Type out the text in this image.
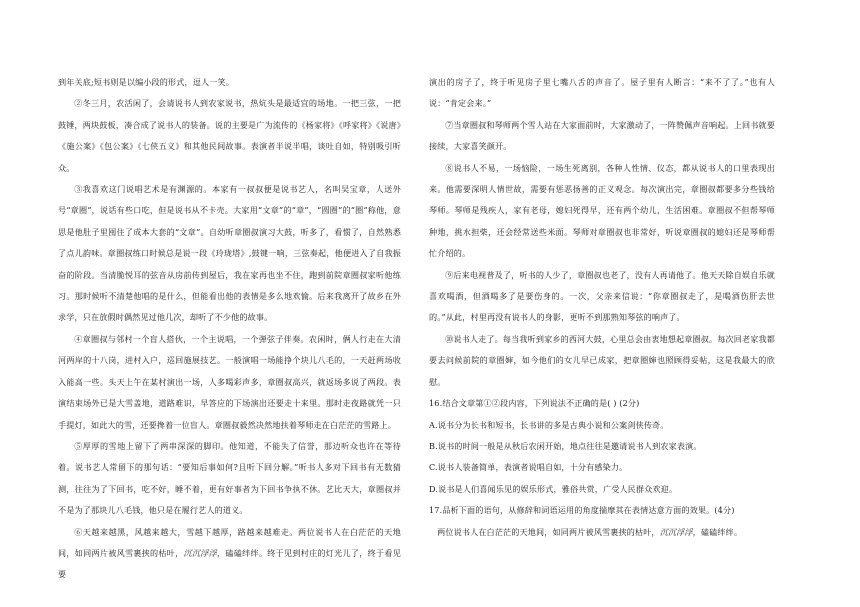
到年关底;短书则是以编小段的形式，逗人一笑。

②冬三月，农活闲了，会请说书人到农家说书，热炕头是最适宜的场地。一把三弦，一把鼓锤，两块鼓板，凑合成了说书人的装备。说的主要是广为流传的《杨家将》《呼家将》《说唐》《施公案》《包公案》《七侠五义》和其他民间故事。表演者半说半唱，谈吐自如，特别吸引听众。

③我喜欢这门说唱艺术是有渊源的。本家有一叔叔便是说书艺人，名叫吴宝章，人送外号“章圈”，说话有些口吃，但是说书从不卡壳。大家用“文章”的“章”，“圆圈”的“圈”称他，意思是他肚子里囤住了成本大套的“文章”。自幼听章圈叔演习大鼓，听多了，看惯了，自然熟悉了点儿韵味。章圈叔练口时候总是说一段《玲珑塔》,鼓键一响，三弦奏起，他便进入了自我振奋的阶段。当清脆悦耳的弦音从房前传到屋后，我在家再也坐不住，跑到前院章圈叔家听他练习。那时候听不清楚他唱的是什么，但能看出他的表情是多么地欢愉。后来我离开了故乡在外求学，只在放假时偶然见过他几次，却听了不少他的故事。

④章圈叔与邻村一个盲人搭伙，一个主说唱，一个弹弦子伴奏。农闲时，俩人行走在大清河两岸的十八岗，进村入户，巡回施展技艺。一般演唱一场能挣个块儿八毛的，一天赶两场收入能高一些。头天上午在某村演出一场，人多喝彩声多，章圈叔高兴，就返场多说了两段。表演结束场外已是大雪盖地，道路难识，早答应的下场演出还要走十来里。那时走夜路就凭一只手提灯，如此大的雪，还要搀着一位盲人。章圈叔毅然决然地扶着琴师走在白茫茫的雪路上。

⑤厚厚的雪地上留下了两串深深的脚印。他知道，不能失了信誉，那边听众也许在等待着。说书艺人常留下的那句话：“要知后事如何?且听下回分解。”听书人多对下回书有无数猜测，往往为了下回书，吃不好，睡不着，更有好事者为下回书争执不休。艺比天大，章圈叔并不是为了那块儿八毛钱，他只是在履行艺人的道义。

⑥天越来越黑，风越来越大，雪越下越厚，路越来越难走。两位说书人在白茫茫的天地间，如同两片被风雪裹挟的枯叶，沉沉浮浮，磕磕绊绊。终于见到村庄的灯光儿了，终于看见要

演出的房子了，终于听见房子里七嘴八舌的声音了。屋子里有人断言：“来不了了。”也有人说：“肯定会来。”

⑦当章圈叔和琴师两个雪人站在大家面前时，大家激动了，一阵赞佩声音响起。上回书就要接续，大家喜笑颜开。

⑧说书人不易，一场恼险，一场生死离别，各种人性情、仪态，都从说书人的口里表现出来。他需要深明人情世故，需要有惩恶扬善的正义观念。每次演出完，章圈叔都要多分些钱给琴师。琴师是残疾人，家有老母，媳妇死得早，还有两个幼儿，生活困难。章圈叔不但帮琴师种地，挑水担柴，还会经常送些米面。琴师对章圈叔也非常好，听说章圈叔的媳妇还是琴师帮忙介绍的。

⑨后来电视普及了，听书的人少了，章圈叔也老了，没有人再请他了。他天天除自娱自乐就喜欢喝酒，但酒喝多了是要伤身的。一次，父亲来信说：“你章圈叔走了，是喝酒伤肝去世的。”从此，村里再没有说书人的身影，更听不到那熟知琴弦的响声了。

⑩说书人走了。每当我听到家乡的西河大鼓，心里总会由衷地想起章圈叔。每次回老家我都要去问候前院的章圈婶，如今他们的女儿早已成家，把章圈婶也照顾得妥帖，这是我最大的欣慰。

16.结合文章第①②段内容，下列说法不正确的是( ) (2分)

A.说书分为长书和短书，长书讲的多是古典小说和公案剑侠传奇。

B.说书的时间一般是从秋后农闲开始，地点往往是邀请说书人到农家表演。

C.说书人装备简单，表演者说唱自如，十分有感染力。

D.说书是人们喜闻乐见的娱乐形式，雅俗共赏，广受人民群众欢迎。

17.品析下面的语句，从修辞和词语运用的角度揣摩其在表情达意方面的效果。(4分)

两位说书人在白茫茫的天地间，如同两片被风雪裹挟的枯叶，沉沉浮浮，磕磕绊绊。
